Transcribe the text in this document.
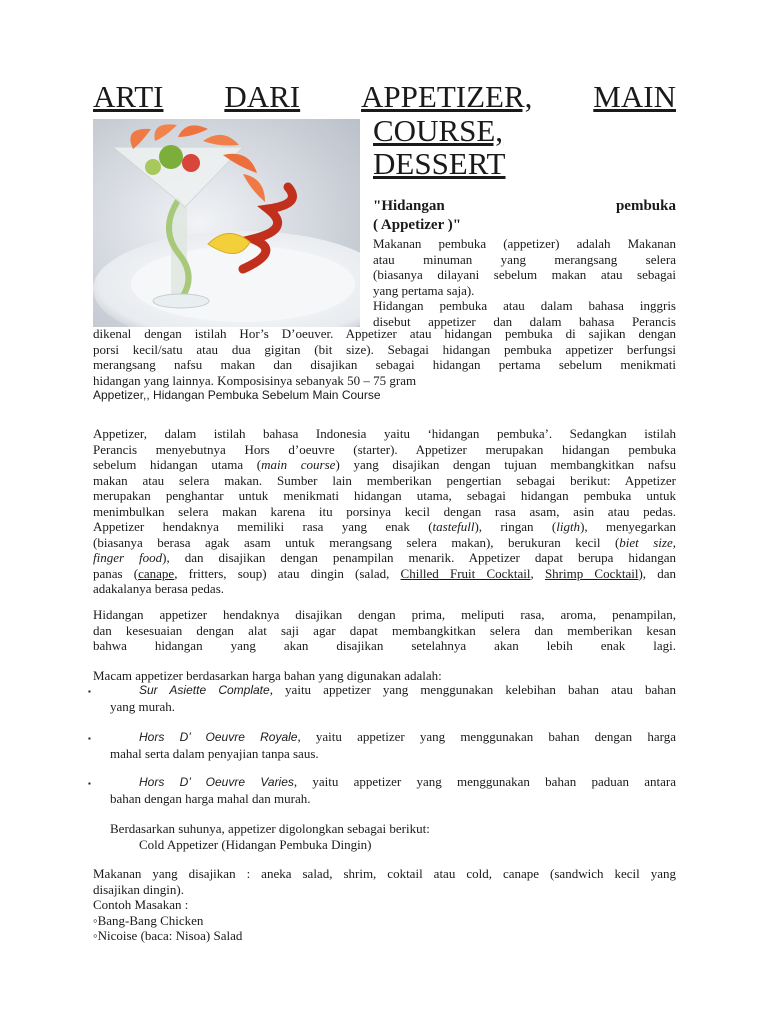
ARTI DARI APPETIZER, MAIN
COURSE,
DESSERT
"Hidangan	pembuka
( Appetizer )"
Makanan pembuka (appetizer) adalah Makanan
atau minuman yang merangsang selera
(biasanya dilayani sebelum makan atau sebagai
yang pertama saja).
Hidangan pembuka atau dalam bahasa inggris
disebut appetizer dan dalam bahasa Perancis
dikenal dengan istilah Hor’s D’oeuver. Appetizer atau hidangan pembuka di sajikan dengan
porsi kecil/satu atau dua gigitan (bit size). Sebagai hidangan pembuka appetizer berfungsi
merangsang nafsu makan dan disajikan sebagai hidangan pertama sebelum menikmati
hidangan yang lainnya. Komposisinya sebanyak 50 – 75 gram
Appetizer,, Hidangan Pembuka Sebelum Main Course
Appetizer, dalam istilah bahasa Indonesia yaitu ‘hidangan pembuka’. Sedangkan istilah
Perancis menyebutnya Hors d’oeuvre (starter). Appetizer merupakan hidangan pembuka
sebelum hidangan utama (main course) yang disajikan dengan tujuan membangkitkan nafsu
makan atau selera makan. Sumber lain memberikan pengertian sebagai berikut: Appetizer
merupakan penghantar untuk menikmati hidangan utama, sebagai hidangan pembuka untuk
menimbulkan selera makan karena itu porsinya kecil dengan rasa asam, asin atau pedas.
Appetizer hendaknya memiliki rasa yang enak (tastefull), ringan (ligth), menyegarkan
(biasanya berasa agak asam untuk merangsang selera makan), berukuran kecil (biet size,
finger food), dan disajikan dengan penampilan menarik. Appetizer dapat berupa hidangan
panas (canape, fritters, soup) atau dingin (salad, Chilled Fruit Cocktail, Shrimp Cocktail), dan
adakalanya berasa pedas.
Hidangan appetizer hendaknya disajikan dengan prima, meliputi rasa, aroma, penampilan,
dan kesesuaian dengan alat saji agar dapat membangkitkan selera dan memberikan kesan
bahwa hidangan yang akan disajikan setelahnya akan lebih enak lagi.
Macam appetizer berdasarkan harga bahan yang digunakan adalah:
▪	Sur Asiette Complate, yaitu appetizer yang menggunakan kelebihan bahan atau bahan
yang murah.
▪	Hors D’ Oeuvre Royale, yaitu appetizer yang menggunakan bahan dengan harga
mahal serta dalam penyajian tanpa saus.
▪	Hors D’ Oeuvre Varies, yaitu appetizer yang menggunakan bahan paduan antara
bahan dengan harga mahal dan murah.
Berdasarkan suhunya, appetizer digolongkan sebagai berikut:
Cold Appetizer (Hidangan Pembuka Dingin)
Makanan yang disajikan : aneka salad, shrim, coktail atau cold, canape (sandwich kecil yang
disajikan dingin).
Contoh Masakan :
◦Bang-Bang Chicken
◦Nicoise (baca: Nisoa) Salad
